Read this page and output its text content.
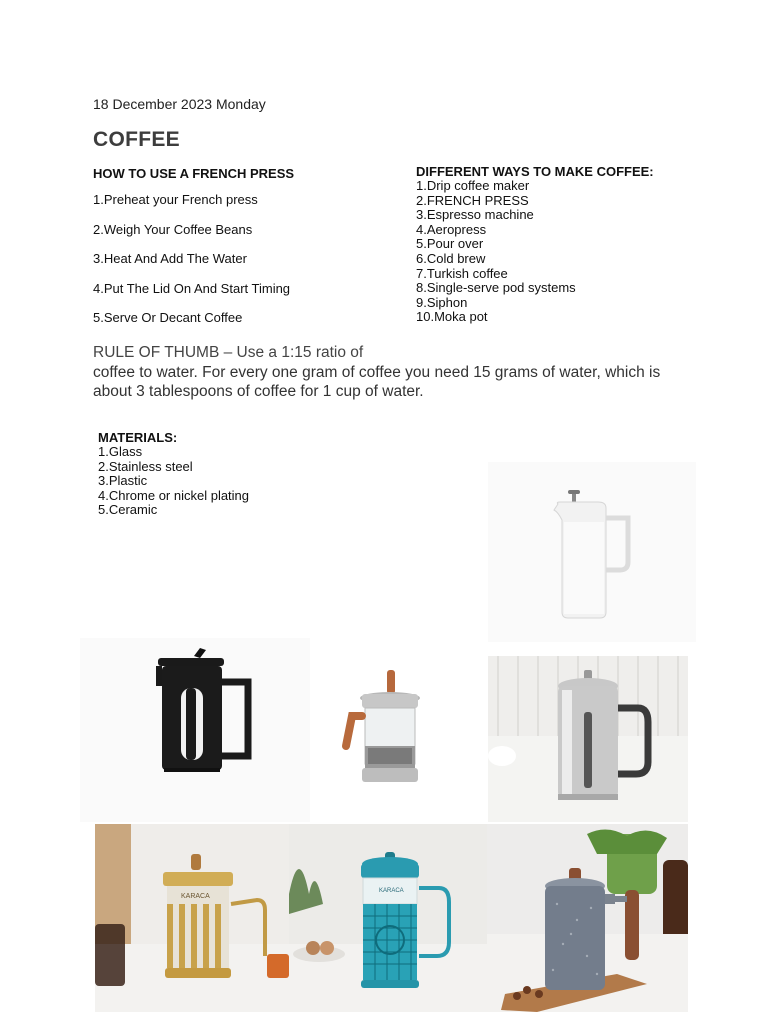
18 December 2023 Monday
COFFEE
HOW TO USE A FRENCH PRESS
1.Preheat your French press
2.Weigh Your Coffee Beans
3.Heat And Add The Water
4.Put The Lid On And Start Timing
5.Serve Or Decant Coffee
DIFFERENT WAYS TO MAKE COFFEE:
1.Drip coffee maker
2.FRENCH PRESS
3.Espresso machine
4.Aeropress
5.Pour over
6.Cold brew
7.Turkish coffee
8.Single-serve pod systems
9.Siphon
10.Moka pot
RULE OF THUMB – Use a 1:15 ratio of
coffee to water. For every one gram of coffee you need 15 grams of water, which is about 3 tablespoons of coffee for 1 cup of water.
MATERIALS:
1.Glass
2.Stainless steel
3.Plastic
4.Chrome or nickel plating
5.Ceramic
KARACA
KARACA
